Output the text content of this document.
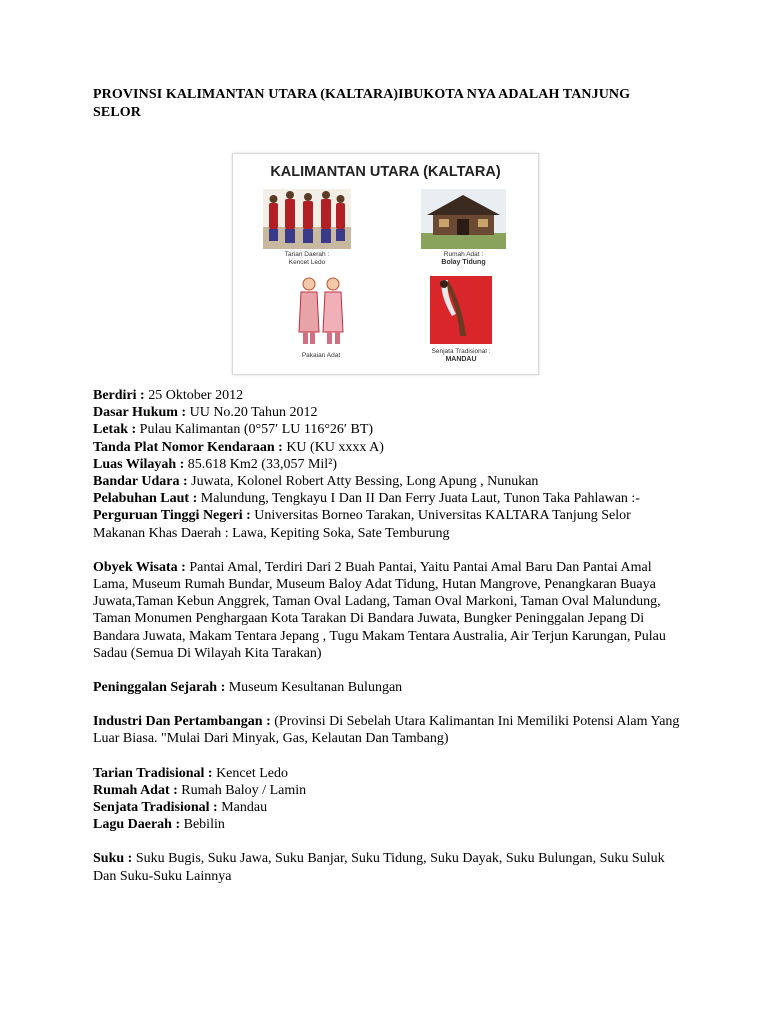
PROVINSI KALIMANTAN UTARA (KALTARA)IBUKOTA NYA ADALAH TANJUNG SELOR
KALIMANTAN UTARA (KALTARA)
Tarian Daerah :
Kencet Ledo
Rumah Adat :
Bolay Tidung
Pakaian Adat
Senjata Tradisional :
MANDAU

Berdiri : 25 Oktober 2012

Dasar Hukum : UU No.20 Tahun 2012

Letak : Pulau Kalimantan (0°57′ LU 116°26′ BT)

Tanda Plat Nomor Kendaraan : KU (KU xxxx A)

Luas Wilayah : 85.618 Km2 (33,057 Mil²)

Bandar Udara : Juwata, Kolonel Robert Atty Bessing, Long Apung , Nunukan

Pelabuhan Laut : Malundung, Tengkayu I Dan II Dan Ferry Juata Laut, Tunon Taka Pahlawan :-

Perguruan Tinggi Negeri : Universitas Borneo Tarakan, Universitas KALTARA Tanjung Selor

Makanan Khas Daerah : Lawa, Kepiting Soka, Sate Temburung

Obyek Wisata : Pantai Amal, Terdiri Dari 2 Buah Pantai, Yaitu Pantai Amal Baru Dan Pantai Amal Lama, Museum Rumah Bundar, Museum Baloy Adat Tidung, Hutan Mangrove, Penangkaran Buaya Juwata,Taman Kebun Anggrek, Taman Oval Ladang, Taman Oval Markoni, Taman Oval Malundung, Taman Monumen Penghargaan Kota Tarakan Di Bandara Juwata, Bungker Peninggalan Jepang Di Bandara Juwata, Makam Tentara Jepang , Tugu Makam Tentara Australia, Air Terjun Karungan, Pulau Sadau (Semua Di Wilayah Kita Tarakan)

Peninggalan Sejarah : Museum Kesultanan Bulungan

Industri Dan Pertambangan : (Provinsi Di Sebelah Utara Kalimantan Ini Memiliki Potensi Alam Yang Luar Biasa. "Mulai Dari Minyak, Gas, Kelautan Dan Tambang)

Tarian Tradisional : Kencet Ledo

Rumah Adat : Rumah Baloy / Lamin

Senjata Tradisional : Mandau

Lagu Daerah : Bebilin

Suku : Suku Bugis, Suku Jawa, Suku Banjar, Suku Tidung, Suku Dayak, Suku Bulungan, Suku Suluk Dan Suku-Suku Lainnya
